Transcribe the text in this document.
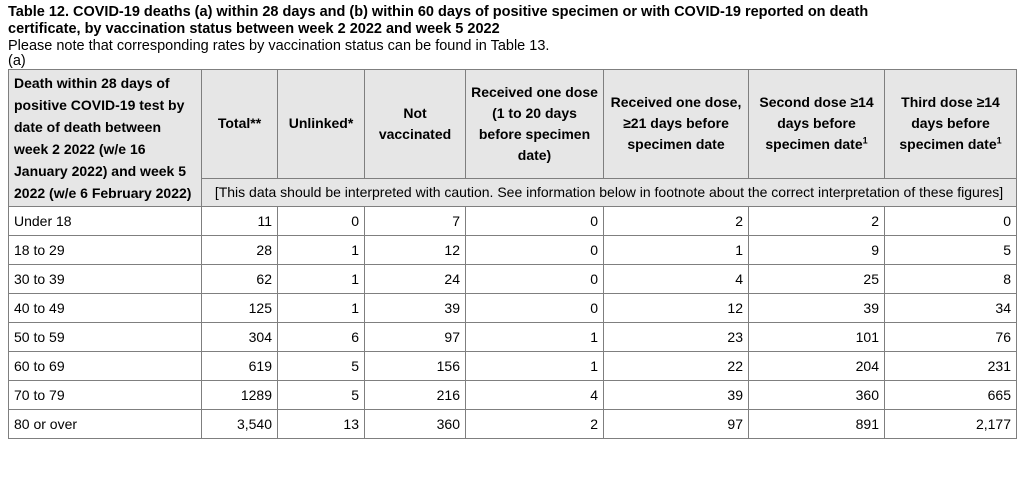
Table 12. COVID-19 deaths (a) within 28 days and (b) within 60 days of positive specimen or with COVID-19 reported on death certificate, by vaccination status between week 2 2022 and week 5 2022

Please note that corresponding rates by vaccination status can be found in Table 13.

(a)

Death within 28 days of positive COVID-19 test by date of death between week 2 2022 (w/e 16 January 2022) and week 5 2022 (w/e 6 February 2022)	Total**	Unlinked*	Not vaccinated	Received one dose (1 to 20 days before specimen date)	Received one dose, ≥21 days before specimen date	Second dose ≥14 days before specimen date$^1$	Third dose ≥14 days before specimen date$^1$
	[This data should be interpreted with caution. See information below in footnote about the correct interpretation of these figures]						
Under 18	11	0	7	0	2	2	0
18 to 29	28	1	12	0	1	9	5
30 to 39	62	1	24	0	4	25	8
40 to 49	125	1	39	0	12	39	34
50 to 59	304	6	97	1	23	101	76
60 to 69	619	5	156	1	22	204	231
70 to 79	1289	5	216	4	39	360	665
80 or over	3,540	13	360	2	97	891	2,177
